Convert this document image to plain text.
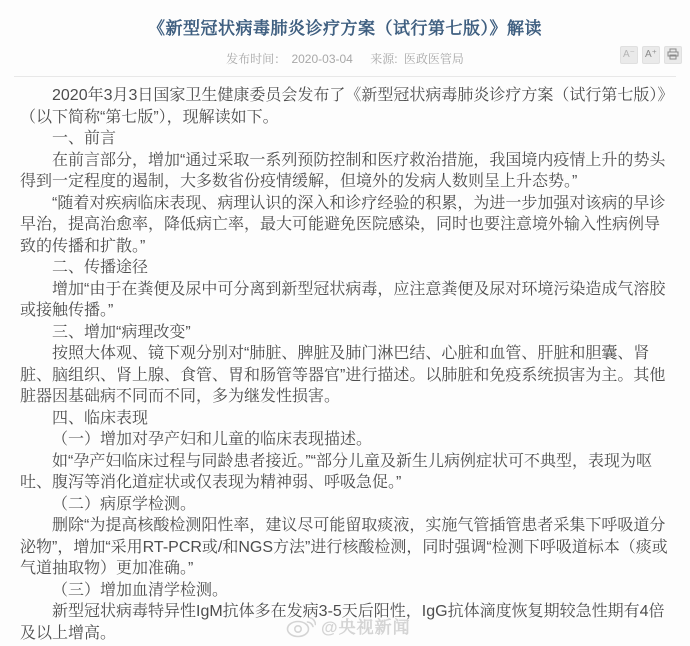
《新型冠状病毒肺炎诊疗方案（试行第七版）》解读
发布时间： 2020-03-04 来源: 医政医管局	A⁻	A⁺

2020年3月3日国家卫生健康委员会发布了《新型冠状病毒肺炎诊疗方案（试行第七版）》（以下简称“第七版”），现解读如下。

一、前言

在前言部分，增加“通过采取一系列预防控制和医疗救治措施，我国境内疫情上升的势头得到一定程度的遏制，大多数省份疫情缓解，但境外的发病人数则呈上升态势。”

“随着对疾病临床表现、病理认识的深入和诊疗经验的积累，为进一步加强对该病的早诊早治，提高治愈率，降低病亡率，最大可能避免医院感染，同时也要注意境外输入性病例导致的传播和扩散。”

二、传播途径

增加“由于在粪便及尿中可分离到新型冠状病毒，应注意粪便及尿对环境污染造成气溶胶或接触传播。”

三、增加“病理改变”

按照大体观、镜下观分别对“肺脏、脾脏及肺门淋巴结、心脏和血管、肝脏和胆囊、肾脏、脑组织、肾上腺、食管、胃和肠管等器官”进行描述。以肺脏和免疫系统损害为主。其他脏器因基础病不同而不同，多为继发性损害。

四、临床表现

（一）增加对孕产妇和儿童的临床表现描述。

如“孕产妇临床过程与同龄患者接近。”“部分儿童及新生儿病例症状可不典型，表现为呕吐、腹泻等消化道症状或仅表现为精神弱、呼吸急促。”

（二）病原学检测。

删除“为提高核酸检测阳性率，建议尽可能留取痰液，实施气管插管患者采集下呼吸道分泌物”，增加“采用RT-PCR或/和NGS方法”进行核酸检测，同时强调“检测下呼吸道标本（痰或气道抽取物）更加准确。”

（三）增加血清学检测。

新型冠状病毒特异性IgM抗体多在发病3-5天后阳性，IgG抗体滴度恢复期较急性期有4倍及以上增高。	@央视新闻
